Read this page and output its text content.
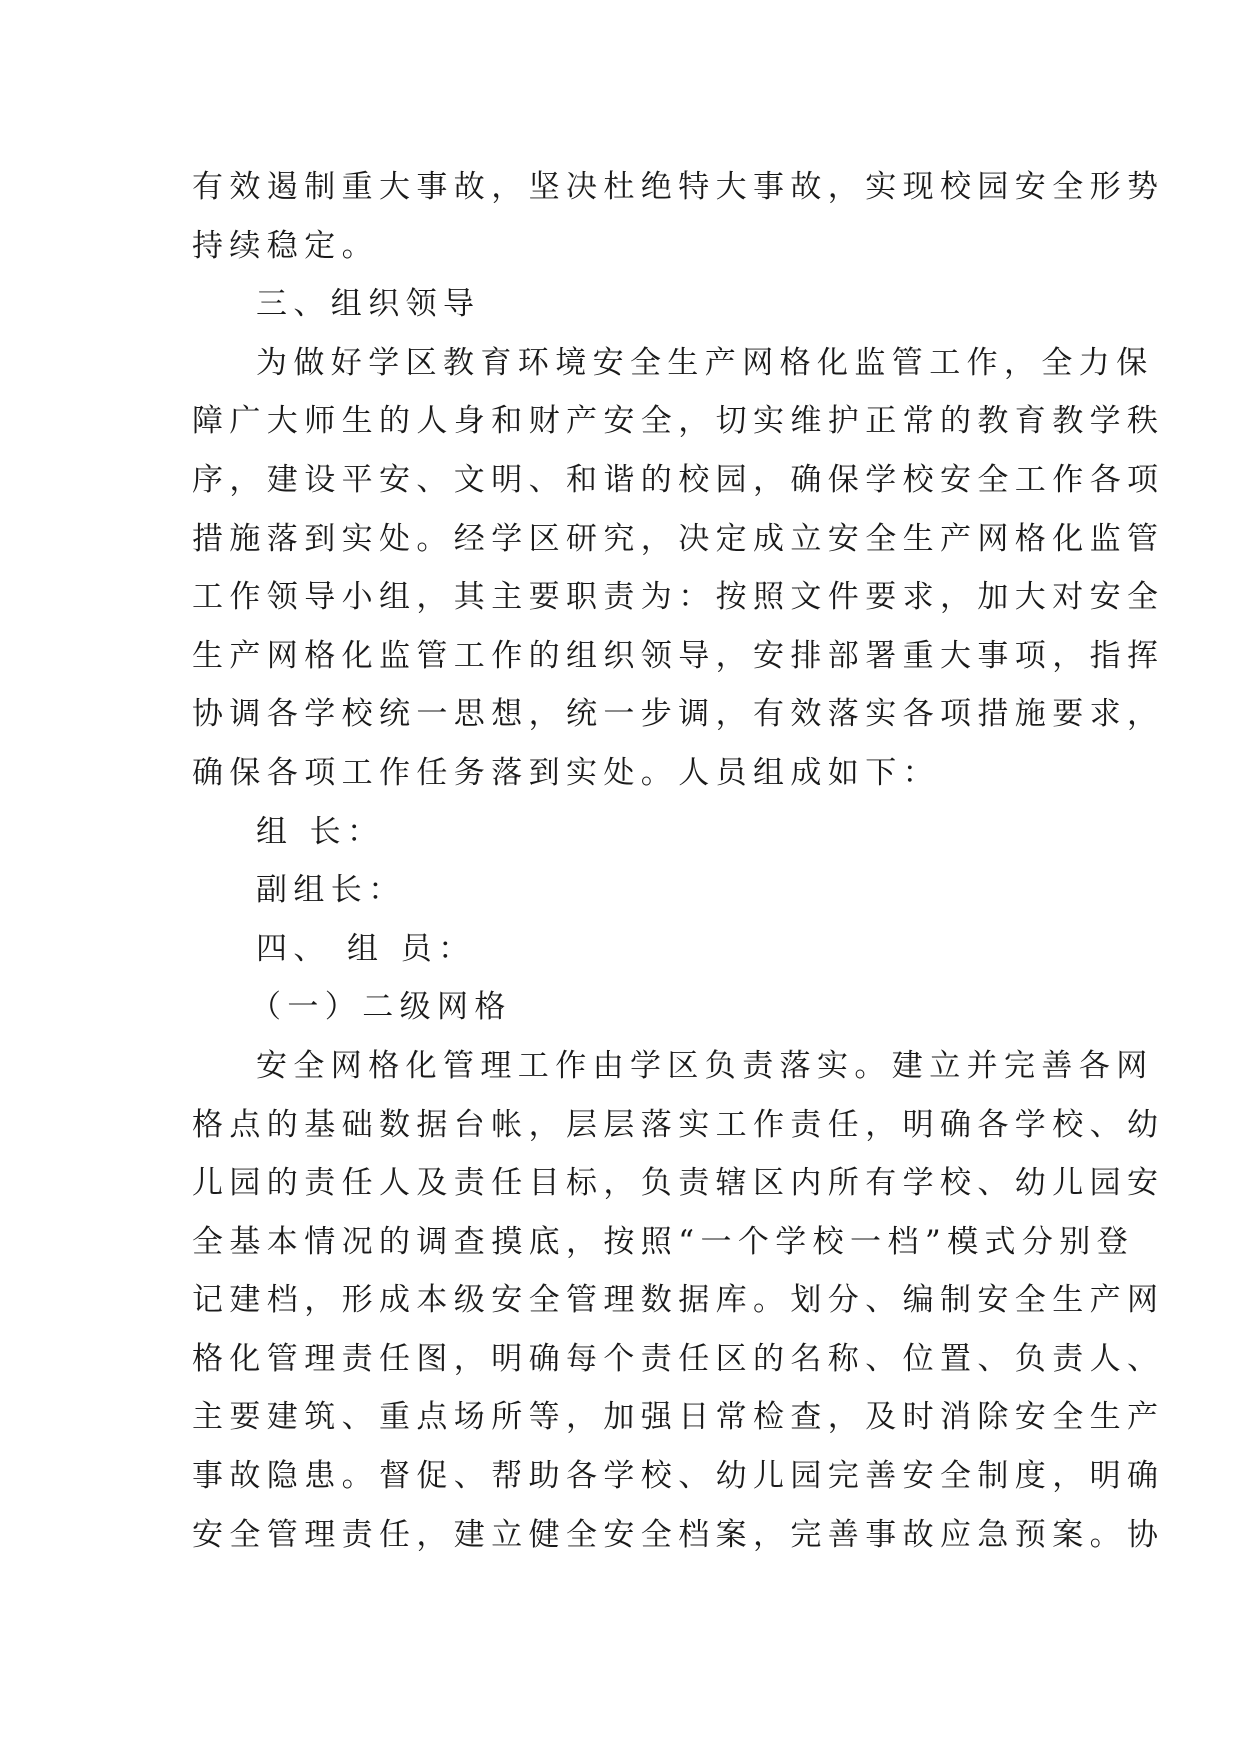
有效遏制重大事故，坚决杜绝特大事故，实现校园安全形势
持续稳定。
三、组织领导
为做好学区教育环境安全生产网格化监管工作，全力保
障广大师生的人身和财产安全，切实维护正常的教育教学秩
序，建设平安、文明、和谐的校园，确保学校安全工作各项
措施落到实处。经学区研究，决定成立安全生产网格化监管
工作领导小组，其主要职责为：按照文件要求，加大对安全
生产网格化监管工作的组织领导，安排部署重大事项，指挥
协调各学校统一思想，统一步调，有效落实各项措施要求，
确保各项工作任务落到实处。人员组成如下：
组 长：
副组长：
四、 组 员：
（一）二级网格
安全网格化管理工作由学区负责落实。建立并完善各网
格点的基础数据台帐，层层落实工作责任，明确各学校、幼
儿园的责任人及责任目标，负责辖区内所有学校、幼儿园安
全基本情况的调查摸底，按照“一个学校一档”模式分别登
记建档，形成本级安全管理数据库。划分、编制安全生产网
格化管理责任图，明确每个责任区的名称、位置、负责人、
主要建筑、重点场所等，加强日常检查，及时消除安全生产
事故隐患。督促、帮助各学校、幼儿园完善安全制度，明确
安全管理责任，建立健全安全档案，完善事故应急预案。协
